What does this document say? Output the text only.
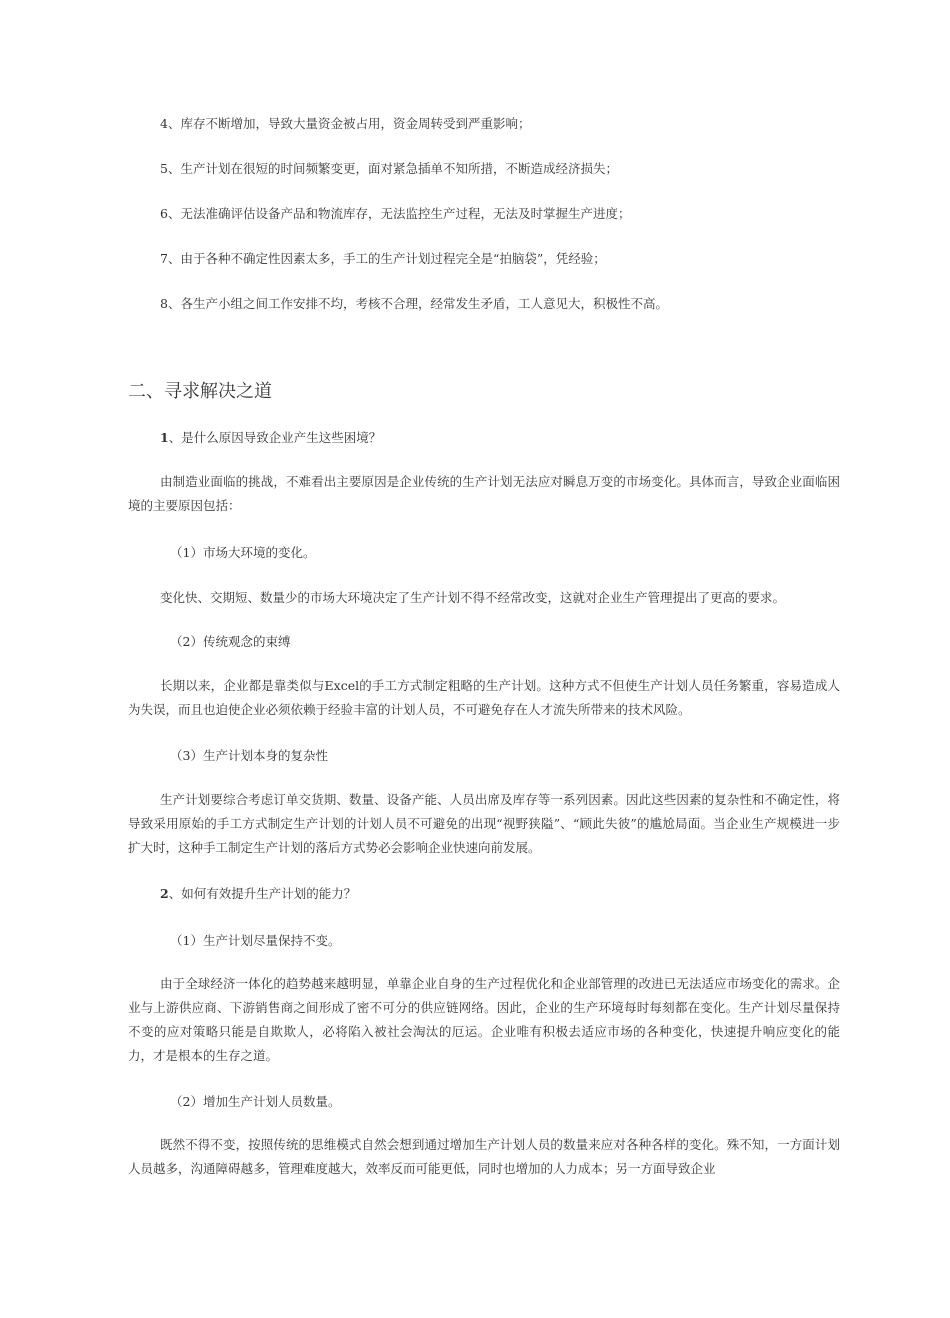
4、库存不断增加，导致大量资金被占用，资金周转受到严重影响；

5、生产计划在很短的时间频繁变更，面对紧急插单不知所措，不断造成经济损失；

6、无法准确评估设备产品和物流库存，无法监控生产过程，无法及时掌握生产进度；

7、由于各种不确定性因素太多，手工的生产计划过程完全是“拍脑袋”，凭经验；

8、各生产小组之间工作安排不均，考核不合理，经常发生矛盾，工人意见大，积极性不高。

二、寻求解决之道

1、是什么原因导致企业产生这些困境？

由制造业面临的挑战，不难看出主要原因是企业传统的生产计划无法应对瞬息万变的市场变化。具体而言，导致企业面临困境的主要原因包括：

（1）市场大环境的变化。

变化快、交期短、数量少的市场大环境决定了生产计划不得不经常改变，这就对企业生产管理提出了更高的要求。

（2）传统观念的束缚

长期以来，企业都是靠类似与Excel的手工方式制定粗略的生产计划。这种方式不但使生产计划人员任务繁重，容易造成人为失误，而且也迫使企业必须依赖于经验丰富的计划人员，不可避免存在人才流失所带来的技术风险。

（3）生产计划本身的复杂性

生产计划要综合考虑订单交货期、数量、设备产能、人员出席及库存等一系列因素。因此这些因素的复杂性和不确定性，将导致采用原始的手工方式制定生产计划的计划人员不可避免的出现“视野狭隘”、“顾此失彼”的尴尬局面。当企业生产规模进一步扩大时，这种手工制定生产计划的落后方式势必会影响企业快速向前发展。

2、如何有效提升生产计划的能力？

（1）生产计划尽量保持不变。

由于全球经济一体化的趋势越来越明显，单靠企业自身的生产过程优化和企业部管理的改进已无法适应市场变化的需求。企业与上游供应商、下游销售商之间形成了密不可分的供应链网络。因此，企业的生产环境每时每刻都在变化。生产计划尽量保持不变的应对策略只能是自欺欺人，必将陷入被社会淘汰的厄运。企业唯有积极去适应市场的各种变化，快速提升响应变化的能力，才是根本的生存之道。

（2）增加生产计划人员数量。

既然不得不变，按照传统的思维模式自然会想到通过增加生产计划人员的数量来应对各种各样的变化。殊不知，一方面计划人员越多，沟通障碍越多，管理难度越大，效率反而可能更低，同时也增加的人力成本；另一方面导致企业
